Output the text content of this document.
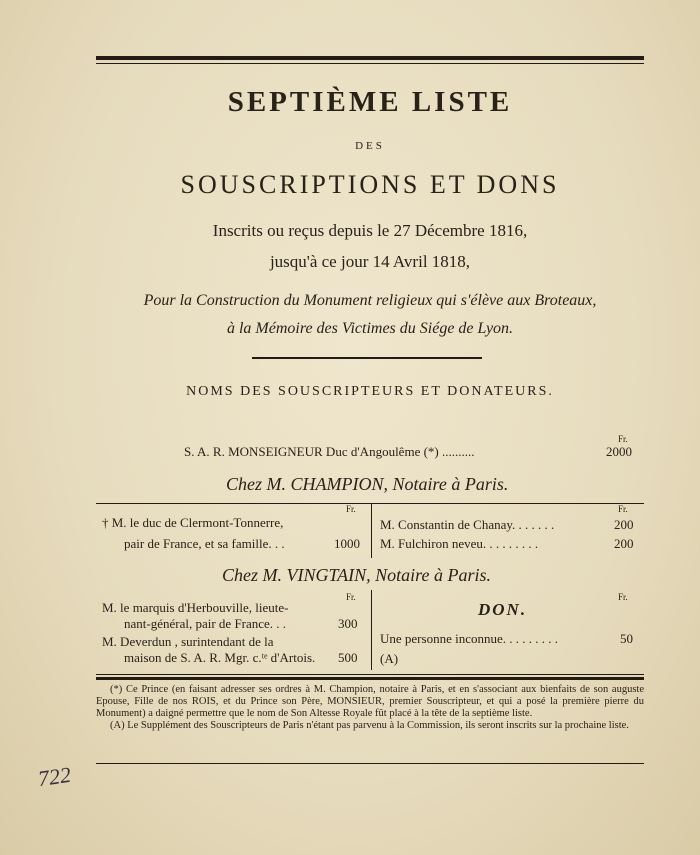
SEPTIÈME LISTE
DES
SOUSCRIPTIONS ET DONS
Inscrits ou reçus depuis le 27 Décembre 1816,
jusqu'à ce jour 14 Avril 1818,
Pour la Construction du Monument religieux qui s'élève aux Broteaux,
à la Mémoire des Victimes du Siége de Lyon.
NOMS DES SOUSCRIPTEURS ET DONATEURS.
Fr.
S. A. R. MONSEIGNEUR Duc d'Angoulême (*) ..........	2000
Chez M. CHAMPION, Notaire à Paris.
Fr.	Fr.
† M. le duc de Clermont-Tonnerre,
pair de France, et sa famille. . .	1000
M. Constantin de Chanay. . . . . . .	200
M. Fulchiron neveu. . . . . . . . .	200
Chez M. VINGTAIN, Notaire à Paris.
Fr.	Fr.
M. le marquis d'Herbouville, lieute-
nant-général, pair de France. . .	300
M. Deverdun , surintendant de la
maison de S. A. R. Mgr. c.ᵗᵉ d'Artois. 500
DON.
Une personne inconnue. . . . . . . . .	50
(A)

(*) Ce Prince (en faisant adresser ses ordres à M. Champion, notaire à Paris, et en s'associant aux bienfaits de son auguste Epouse, Fille de nos ROIS, et du Prince son Père, MONSIEUR, premier Souscripteur, et qui a posé la première pierre du Monument) a daigné permettre que le nom de Son Altesse Royale fût placé à la tête de la septième liste.

(A) Le Supplément des Souscripteurs de Paris n'étant pas parvenu à la Commission, ils seront inscrits sur la prochaine liste.

722
